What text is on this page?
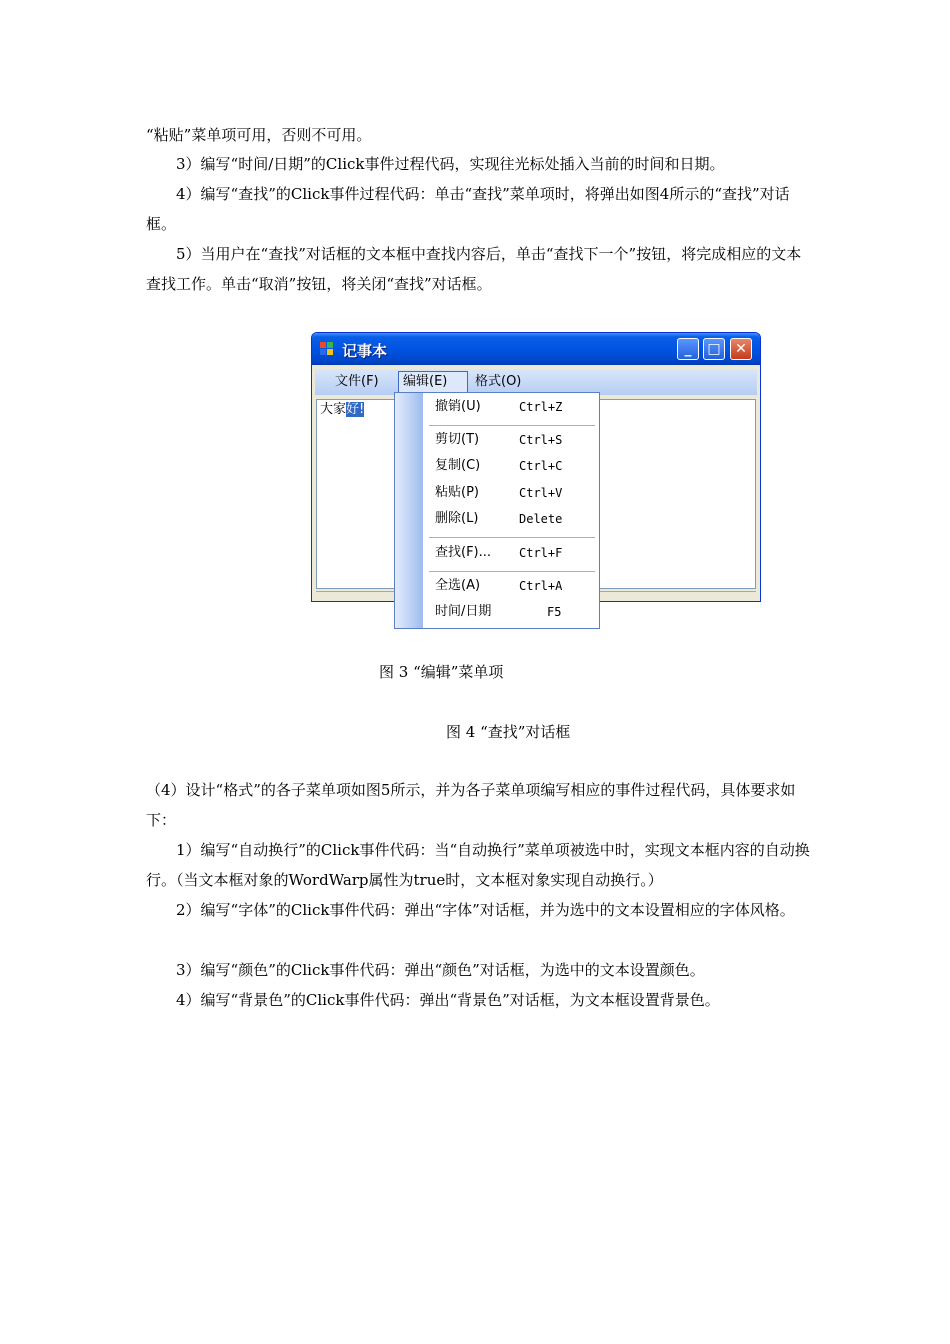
“粘贴”菜单项可用，否则不可用。

3）编写“时间/日期”的Click事件过程代码，实现往光标处插入当前的时间和日期。

4）编写“查找”的Click事件过程代码：单击“查找”菜单项时，将弹出如图4所示的“查找”对话框。

5）当用户在“查找”对话框的文本框中查找内容后，单击“查找下一个”按钮，将完成相应的文本查找工作。单击“取消”按钮，将关闭“查找”对话框。

记事本	_	□	✕
文件(F)	编辑(E)	格式(O)
大家好!	撤销(U)	Ctrl+Z
剪切(T)	Ctrl+S
复制(C)	Ctrl+C
粘贴(P)	Ctrl+V
删除(L)	Delete
查找(F)... Ctrl+F
全选(A)	Ctrl+A
时间/日期	F5
图 3 “编辑”菜单项
图 4 “查找”对话框

（4）设计“格式”的各子菜单项如图5所示，并为各子菜单项编写相应的事件过程代码，具体要求如下：

1）编写“自动换行”的Click事件代码：当“自动换行”菜单项被选中时，实现文本框内容的自动换行。（当文本框对象的WordWarp属性为true时，文本框对象实现自动换行。）

2）编写“字体”的Click事件代码：弹出“字体”对话框，并为选中的文本设置相应的字体风格。

3）编写“颜色”的Click事件代码：弹出“颜色”对话框，为选中的文本设置颜色。

4）编写“背景色”的Click事件代码：弹出“背景色”对话框，为文本框设置背景色。
